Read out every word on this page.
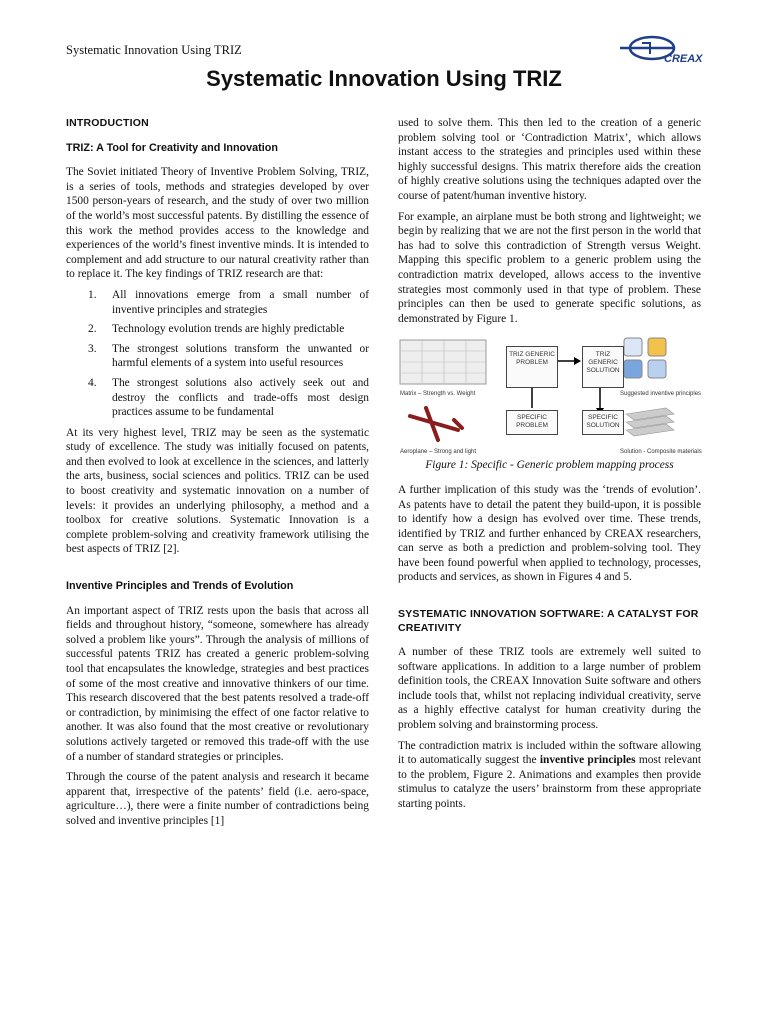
Systematic Innovation Using TRIZ
CREAX
Systematic Innovation Using TRIZ
INTRODUCTION
TRIZ: A Tool for Creativity and Innovation

The Soviet initiated Theory of Inventive Problem Solving, TRIZ, is a series of tools, methods and strategies developed by over 1500 person-years of research, and the study of over two million of the world’s most successful patents. By distilling the essence of this work the method provides access to the knowledge and experiences of the world’s finest inventive minds. It is intended to complement and add structure to our natural creativity rather than to replace it. The key findings of TRIZ research are that:

1. All innovations emerge from a small number of inventive principles and strategies
2. Technology evolution trends are highly predictable
3. The strongest solutions transform the unwanted or harmful elements of a system into useful resources
4. The strongest solutions also actively seek out and destroy the conflicts and trade-offs most design practices assume to be fundamental

At its very highest level, TRIZ may be seen as the systematic study of excellence. The study was initially focused on patents, and then evolved to look at excellence in the sciences, and latterly the arts, business, social sciences and politics. TRIZ can be used to boost creativity and systematic innovation on a number of levels: it provides an underlying philosophy, a method and a toolbox for creative solutions. Systematic Innovation is a complete problem-solving and creativity framework utilising the best aspects of TRIZ [2].

Inventive Principles and Trends of Evolution

An important aspect of TRIZ rests upon the basis that across all fields and throughout history, “someone, somewhere has already solved a problem like yours”. Through the analysis of millions of successful patents TRIZ has created a generic problem-solving tool that encapsulates the knowledge, strategies and best practices of some of the most creative and innovative thinkers of our time. This research discovered that the best patents resolved a trade-off or contradiction, by minimising the effect of one factor relative to another. It was also found that the most creative or revolutionary solutions actively targeted or removed this trade-off with the use of a number of standard strategies or principles.

Through the course of the patent analysis and research it became apparent that, irrespective of the patents’ field (i.e. aero-space, agriculture…), there were a finite number of contradictions being solved and inventive principles [1]

used to solve them. This then led to the creation of a generic problem solving tool or ‘Contradiction Matrix’, which allows instant access to the strategies and principles used within these highly successful designs. This matrix therefore aids the creation of highly creative solutions using the techniques adapted over the course of patent/human inventive history.

For example, an airplane must be both strong and lightweight; we begin by realizing that we are not the first person in the world that has had to solve this contradiction of Strength versus Weight. Mapping this specific problem to a generic problem using the contradiction matrix developed, allows access to the inventive strategies most commonly used in that type of problem. These principles can then be used to generate specific solutions, as demonstrated by Figure 1.

TRIZ GENERIC PROBLEM
TRIZ GENERIC SOLUTION
SPECIFIC PROBLEM
SPECIFIC SOLUTION
Matrix – Strength vs. Weight	Suggested inventive principles
Aeroplane – Strong and light	Solution - Composite materials
Figure 1: Specific - Generic problem mapping process

A further implication of this study was the ‘trends of evolution’. As patents have to detail the patent they build-upon, it is possible to identify how a design has evolved over time. These trends, identified by TRIZ and further enhanced by CREAX researchers, can serve as both a prediction and problem-solving tool. They have been found powerful when applied to technology, processes, products and services, as shown in Figures 4 and 5.

SYSTEMATIC INNOVATION SOFTWARE: A CATALYST FOR CREATIVITY

A number of these TRIZ tools are extremely well suited to software applications. In addition to a large number of problem definition tools, the CREAX Innovation Suite software and others include tools that, whilst not replacing individual creativity, serve as a highly effective catalyst for human creativity during the problem solving and brainstorming process.

The contradiction matrix is included within the software allowing it to automatically suggest the inventive principles most relevant to the problem, Figure 2. Animations and examples then provide stimulus to catalyze the users’ brainstorm from these appropriate starting points.
